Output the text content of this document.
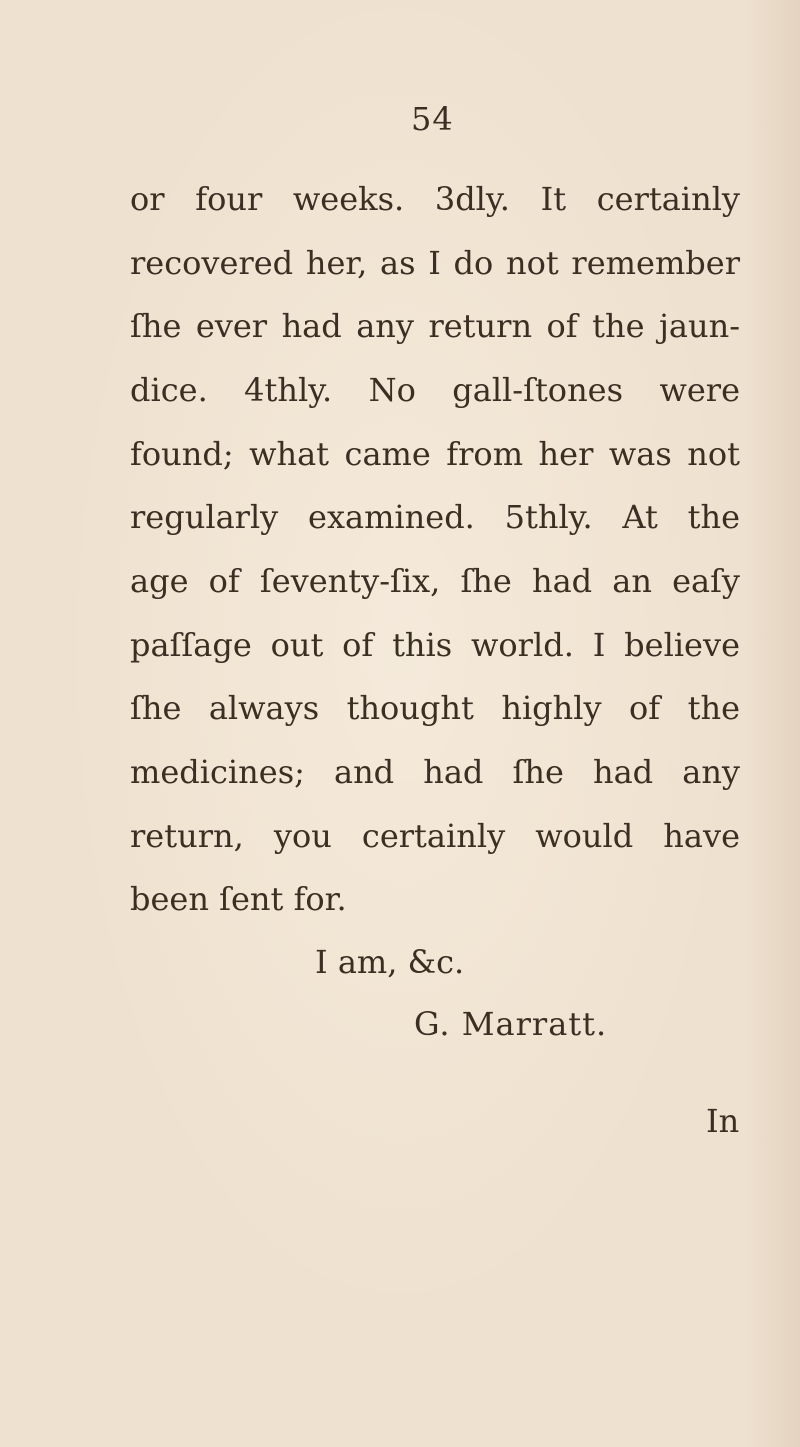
54
or four weeks. 3dly. It certainly
recovered her, as I do not remember
ſhe ever had any return of the jaun-
dice. 4thly. No gall-ſtones were
found; what came from her was not
regularly examined. 5thly. At the
age of ſeventy-ſix, ſhe had an eaſy
paſſage out of this world. I believe
ſhe always thought highly of the
medicines; and had ſhe had any
return, you certainly would have
been ſent for.
I am, &c.
G. Marratt.
In
